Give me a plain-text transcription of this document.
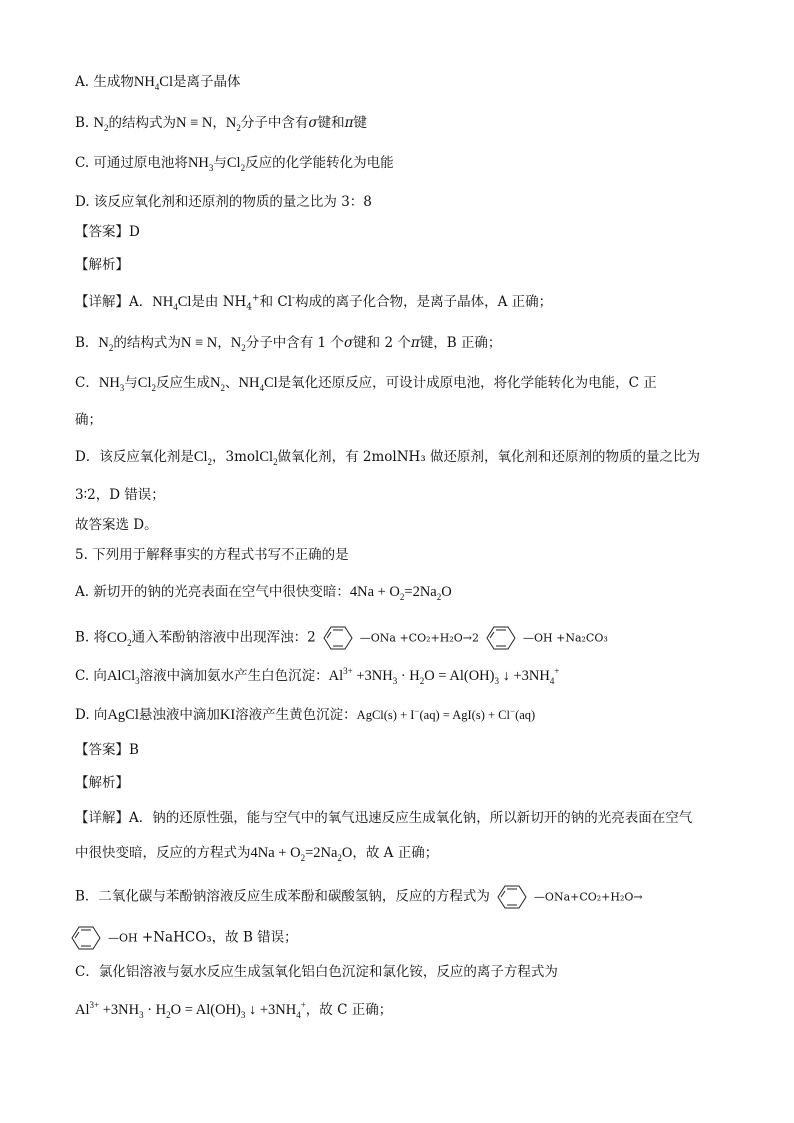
A. 生成物$NH_4Cl$是离子晶体
B. $N_2$的结构式为N ≡ N，$N_2$分子中含有σ键和π键
C. 可通过原电池将$NH_3$与$Cl_2$反应的化学能转化为电能
D. 该反应氧化剂和还原剂的物质的量之比为 3：8
【答案】D
【解析】
【详解】A．$NH_4Cl$是由 $NH_4^+$和 Cl-构成的离子化合物，是离子晶体，A 正确；
B．$N_2$的结构式为N ≡ N，$N_2$分子中含有 1 个σ键和 2 个π键，B 正确；
C．$NH_3$与$Cl_2$反应生成$N_2$、$NH_4Cl$是氧化还原反应，可设计成原电池，将化学能转化为电能，C 正
确；
D．该反应氧化剂是$Cl_2$，3molCl$_2$做氧化剂，有 2molNH₃ 做还原剂，氧化剂和还原剂的物质的量之比为
3∶2，D 错误；
故答案选 D。
5. 下列用于解释事实的方程式书写不正确的是
A. 新切开的钠的光亮表面在空气中很快变暗：$4Na + O_2=2Na_2O$
B. 将$CO_2$通入苯酚钠溶液中出现浑浊：2	—ONa +CO₂+H₂O→2	—OH +Na₂CO₃
C. 向AlCl$_3$溶液中滴加氨水产生白色沉淀：$Al^{3+} +3NH_3 \cdot H_2O = Al(OH)_3$ ↓ $+3NH_4^+$
D. 向AgCl悬浊液中滴加KI溶液产生黄色沉淀：AgCl(s) + I−(aq) = AgI(s) + Cl−(aq)
【答案】B
【解析】
【详解】A．钠的还原性强，能与空气中的氧气迅速反应生成氧化钠，所以新切开的钠的光亮表面在空气
中很快变暗，反应的方程式为$4Na + O_2=2Na_2O$，故 A 正确；
B．二氧化碳与苯酚钠溶液反应生成苯酚和碳酸氢钠，反应的方程式为	—ONa+CO₂+H₂O→
—OH +NaHCO₃，故 B 错误；
C．氯化铝溶液与氨水反应生成氢氧化铝白色沉淀和氯化铵，反应的离子方程式为
$Al^{3+} +3NH_3 \cdot H_2O = Al(OH)_3$ ↓ $+3NH_4^+$，故 C 正确；
